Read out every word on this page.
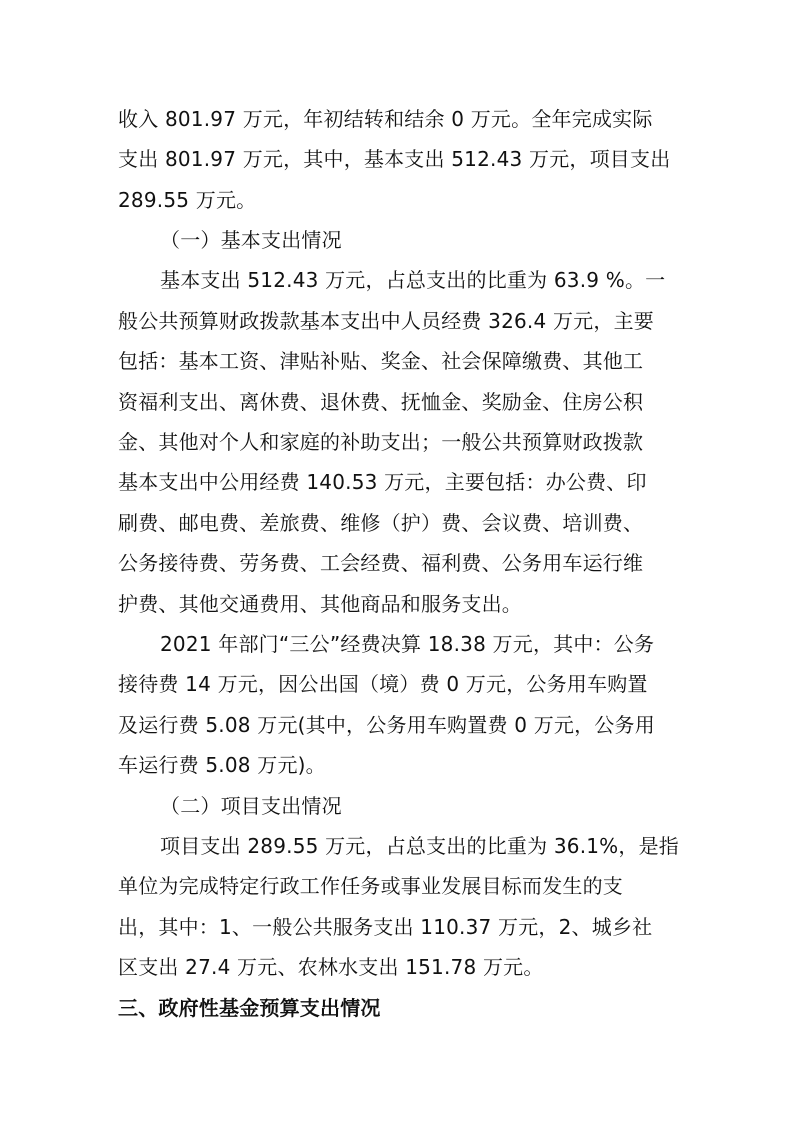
收入 801.97 万元，年初结转和结余 0 万元。全年完成实际
支出 801.97 万元，其中，基本支出 512.43 万元，项目支出
289.55 万元。
（一）基本支出情况
基本支出 512.43 万元，占总支出的比重为 63.9 %。一
般公共预算财政拨款基本支出中人员经费 326.4 万元，主要
包括：基本工资、津贴补贴、奖金、社会保障缴费、其他工
资福利支出、离休费、退休费、抚恤金、奖励金、住房公积
金、其他对个人和家庭的补助支出；一般公共预算财政拨款
基本支出中公用经费 140.53 万元，主要包括：办公费、印
刷费、邮电费、差旅费、维修（护）费、会议费、培训费、
公务接待费、劳务费、工会经费、福利费、公务用车运行维
护费、其他交通费用、其他商品和服务支出。
2021 年部门“三公”经费决算 18.38 万元，其中：公务
接待费 14 万元，因公出国（境）费 0 万元，公务用车购置
及运行费 5.08 万元(其中，公务用车购置费 0 万元，公务用
车运行费 5.08 万元)。
（二）项目支出情况
项目支出 289.55 万元，占总支出的比重为 36.1%，是指
单位为完成特定行政工作任务或事业发展目标而发生的支
出，其中：1、一般公共服务支出 110.37 万元，2、城乡社
区支出 27.4 万元、农林水支出 151.78 万元。
三、政府性基金预算支出情况
